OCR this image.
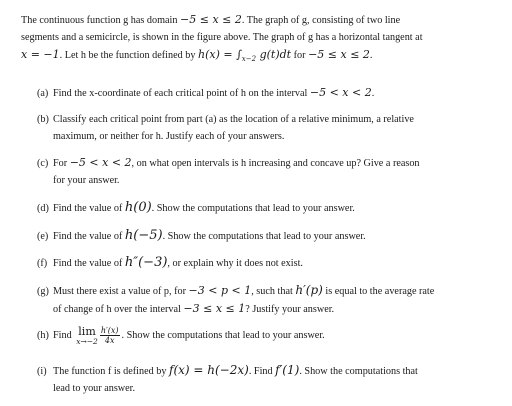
The continuous function g has domain −5 ≤ x ≤ 2. The graph of g, consisting of two line
segments and a semicircle, is shown in the figure above. The graph of g has a horizontal tangent at
x = −1. Let h be the function defined by $h(x) = \int_{x-2}$ g(t)dt for −5 ≤ x ≤ 2.
(a) Find the x-coordinate of each critical point of h on the interval −5 < x < 2.
(b) Classify each critical point from part (a) as the location of a relative minimum, a relative
maximum, or neither for h. Justify each of your answers.
(c) For −5 < x < 2, on what open intervals is h increasing and concave up? Give a reason
for your answer.
(d) Find the value of h(0). Show the computations that lead to your answer.
(e) Find the value of h(−5). Show the computations that lead to your answer.
(f) Find the value of h″(−3), or explain why it does not exist.
(g) Must there exist a value of p, for −3 < p < 1, such that h′(p) is equal to the average rate
of change of h over the interval −3 ≤ x ≤ 1? Justify your answer.
(h) Find lim
$x\to-2 \frac{h'(x)}{4x}$ . Show the computations that lead to your answer.
(i) The function f is defined by f(x) = h(−2x). Find f′(1). Show the computations that
lead to your answer.
